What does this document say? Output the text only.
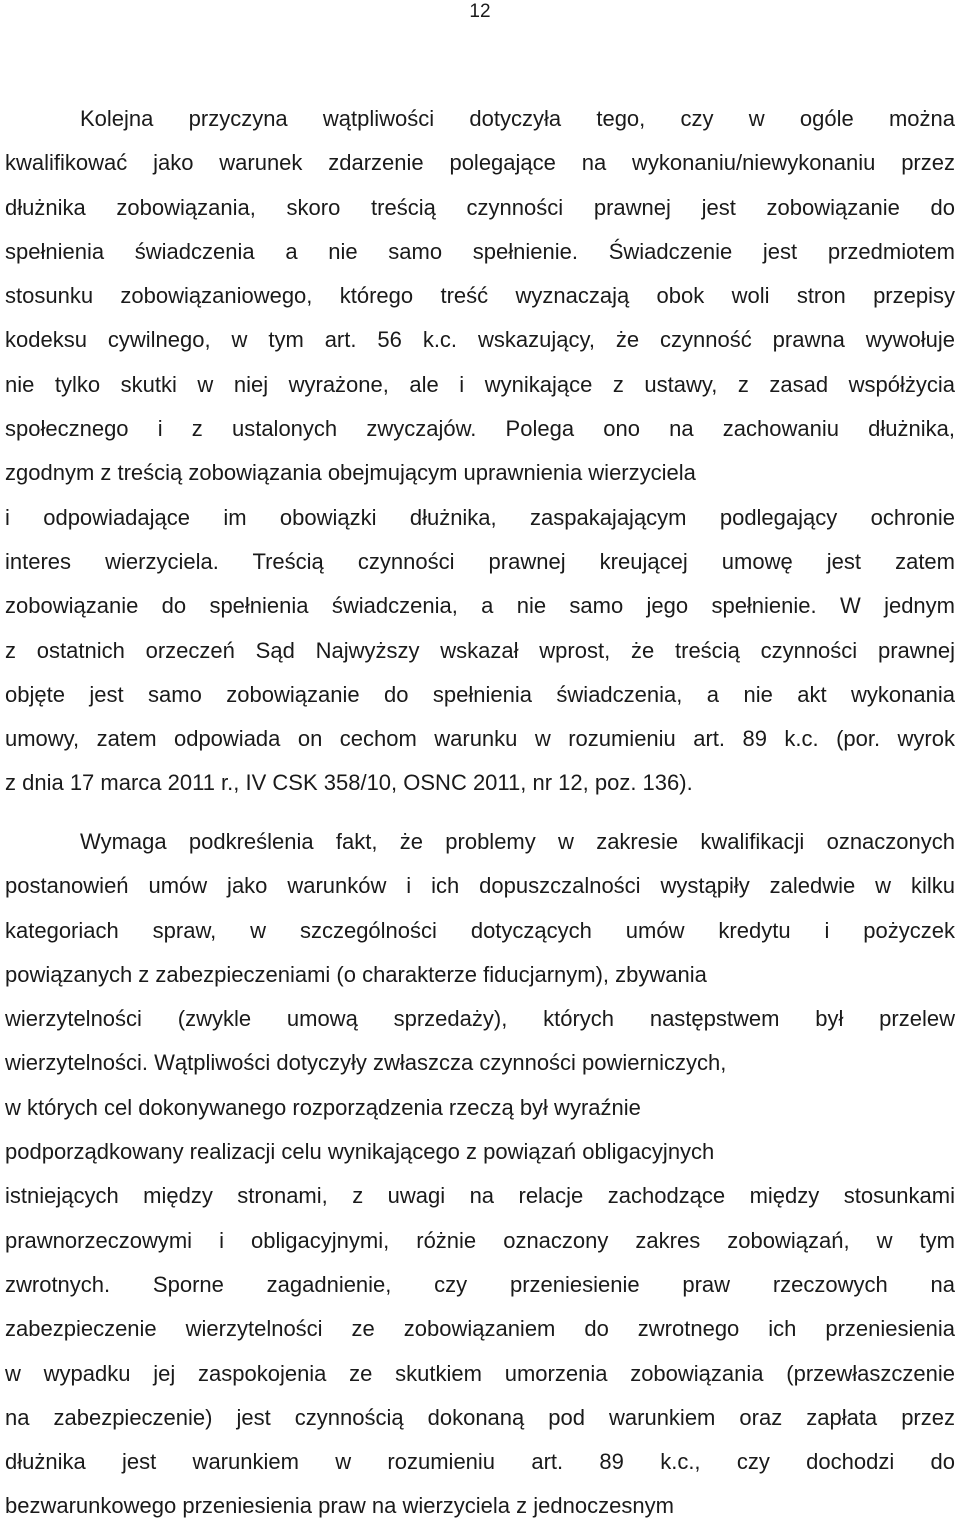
12
Kolejna przyczyna wątpliwości dotyczyła tego, czy w ogóle można
kwalifikować jako warunek zdarzenie polegające na wykonaniu/niewykonaniu przez
dłużnika zobowiązania, skoro treścią czynności prawnej jest zobowiązanie do
spełnienia świadczenia a nie samo spełnienie. Świadczenie jest przedmiotem
stosunku zobowiązaniowego, którego treść wyznaczają obok woli stron przepisy
kodeksu cywilnego, w tym art. 56 k.c. wskazujący, że czynność prawna wywołuje
nie tylko skutki w niej wyrażone, ale i wynikające z ustawy, z zasad współżycia
społecznego i z ustalonych zwyczajów. Polega ono na zachowaniu dłużnika,
zgodnym z treścią zobowiązania obejmującym uprawnienia wierzyciela
i odpowiadające im obowiązki dłużnika, zaspakajającym podlegający ochronie
interes wierzyciela. Treścią czynności prawnej kreującej umowę jest zatem
zobowiązanie do spełnienia świadczenia, a nie samo jego spełnienie. W jednym
z ostatnich orzeczeń Sąd Najwyższy wskazał wprost, że treścią czynności prawnej
objęte jest samo zobowiązanie do spełnienia świadczenia, a nie akt wykonania
umowy, zatem odpowiada on cechom warunku w rozumieniu art. 89 k.c. (por. wyrok
z dnia 17 marca 2011 r., IV CSK 358/10, OSNC 2011, nr 12, poz. 136).
Wymaga podkreślenia fakt, że problemy w zakresie kwalifikacji oznaczonych
postanowień umów jako warunków i ich dopuszczalności wystąpiły zaledwie w kilku
kategoriach spraw, w szczególności dotyczących umów kredytu i pożyczek
powiązanych z zabezpieczeniami (o charakterze fiducjarnym), zbywania
wierzytelności (zwykle umową sprzedaży), których następstwem był przelew
wierzytelności. Wątpliwości dotyczyły zwłaszcza czynności powierniczych,
w których cel dokonywanego rozporządzenia rzeczą był wyraźnie
podporządkowany realizacji celu wynikającego z powiązań obligacyjnych
istniejących między stronami, z uwagi na relacje zachodzące między stosunkami
prawnorzeczowymi i obligacyjnymi, różnie oznaczony zakres zobowiązań, w tym
zwrotnych. Sporne zagadnienie, czy przeniesienie praw rzeczowych na
zabezpieczenie wierzytelności ze zobowiązaniem do zwrotnego ich przeniesienia
w wypadku jej zaspokojenia ze skutkiem umorzenia zobowiązania (przewłaszczenie
na zabezpieczenie) jest czynnością dokonaną pod warunkiem oraz zapłata przez
dłużnika jest warunkiem w rozumieniu art. 89 k.c., czy dochodzi do
bezwarunkowego przeniesienia praw na wierzyciela z jednoczesnym
